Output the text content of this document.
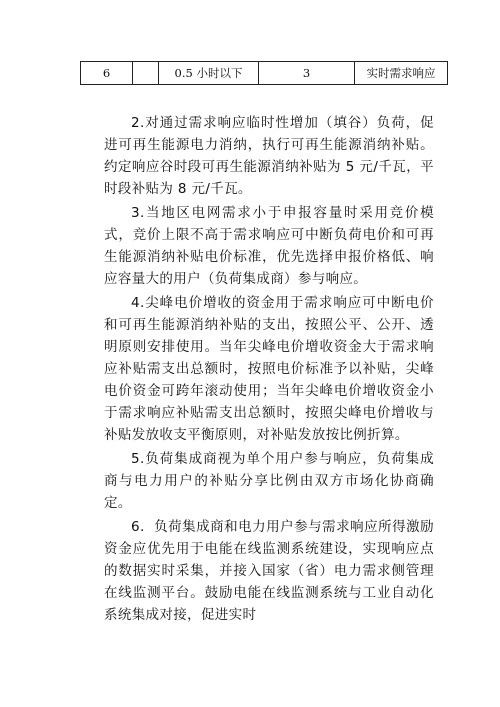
6		0.5 小时以下	3	实时需求响应

2.对通过需求响应临时性增加（填谷）负荷，促进可再生能源电力消纳，执行可再生能源消纳补贴。约定响应谷时段可再生能源消纳补贴为 5 元/千瓦，平时段补贴为 8 元/千瓦。

3.当地区电网需求小于申报容量时采用竞价模式，竞价上限不高于需求响应可中断负荷电价和可再生能源消纳补贴电价标准，优先选择申报价格低、响应容量大的用户（负荷集成商）参与响应。

4.尖峰电价增收的资金用于需求响应可中断电价和可再生能源消纳补贴的支出，按照公平、公开、透明原则安排使用。当年尖峰电价增收资金大于需求响应补贴需支出总额时，按照电价标准予以补贴，尖峰电价资金可跨年滚动使用；当年尖峰电价增收资金小于需求响应补贴需支出总额时，按照尖峰电价增收与补贴发放收支平衡原则，对补贴发放按比例折算。

5.负荷集成商视为单个用户参与响应，负荷集成商与电力用户的补贴分享比例由双方市场化协商确定。

6．负荷集成商和电力用户参与需求响应所得激励资金应优先用于电能在线监测系统建设，实现响应点的数据实时采集，并接入国家（省）电力需求侧管理在线监测平台。鼓励电能在线监测系统与工业自动化系统集成对接，促进实时
